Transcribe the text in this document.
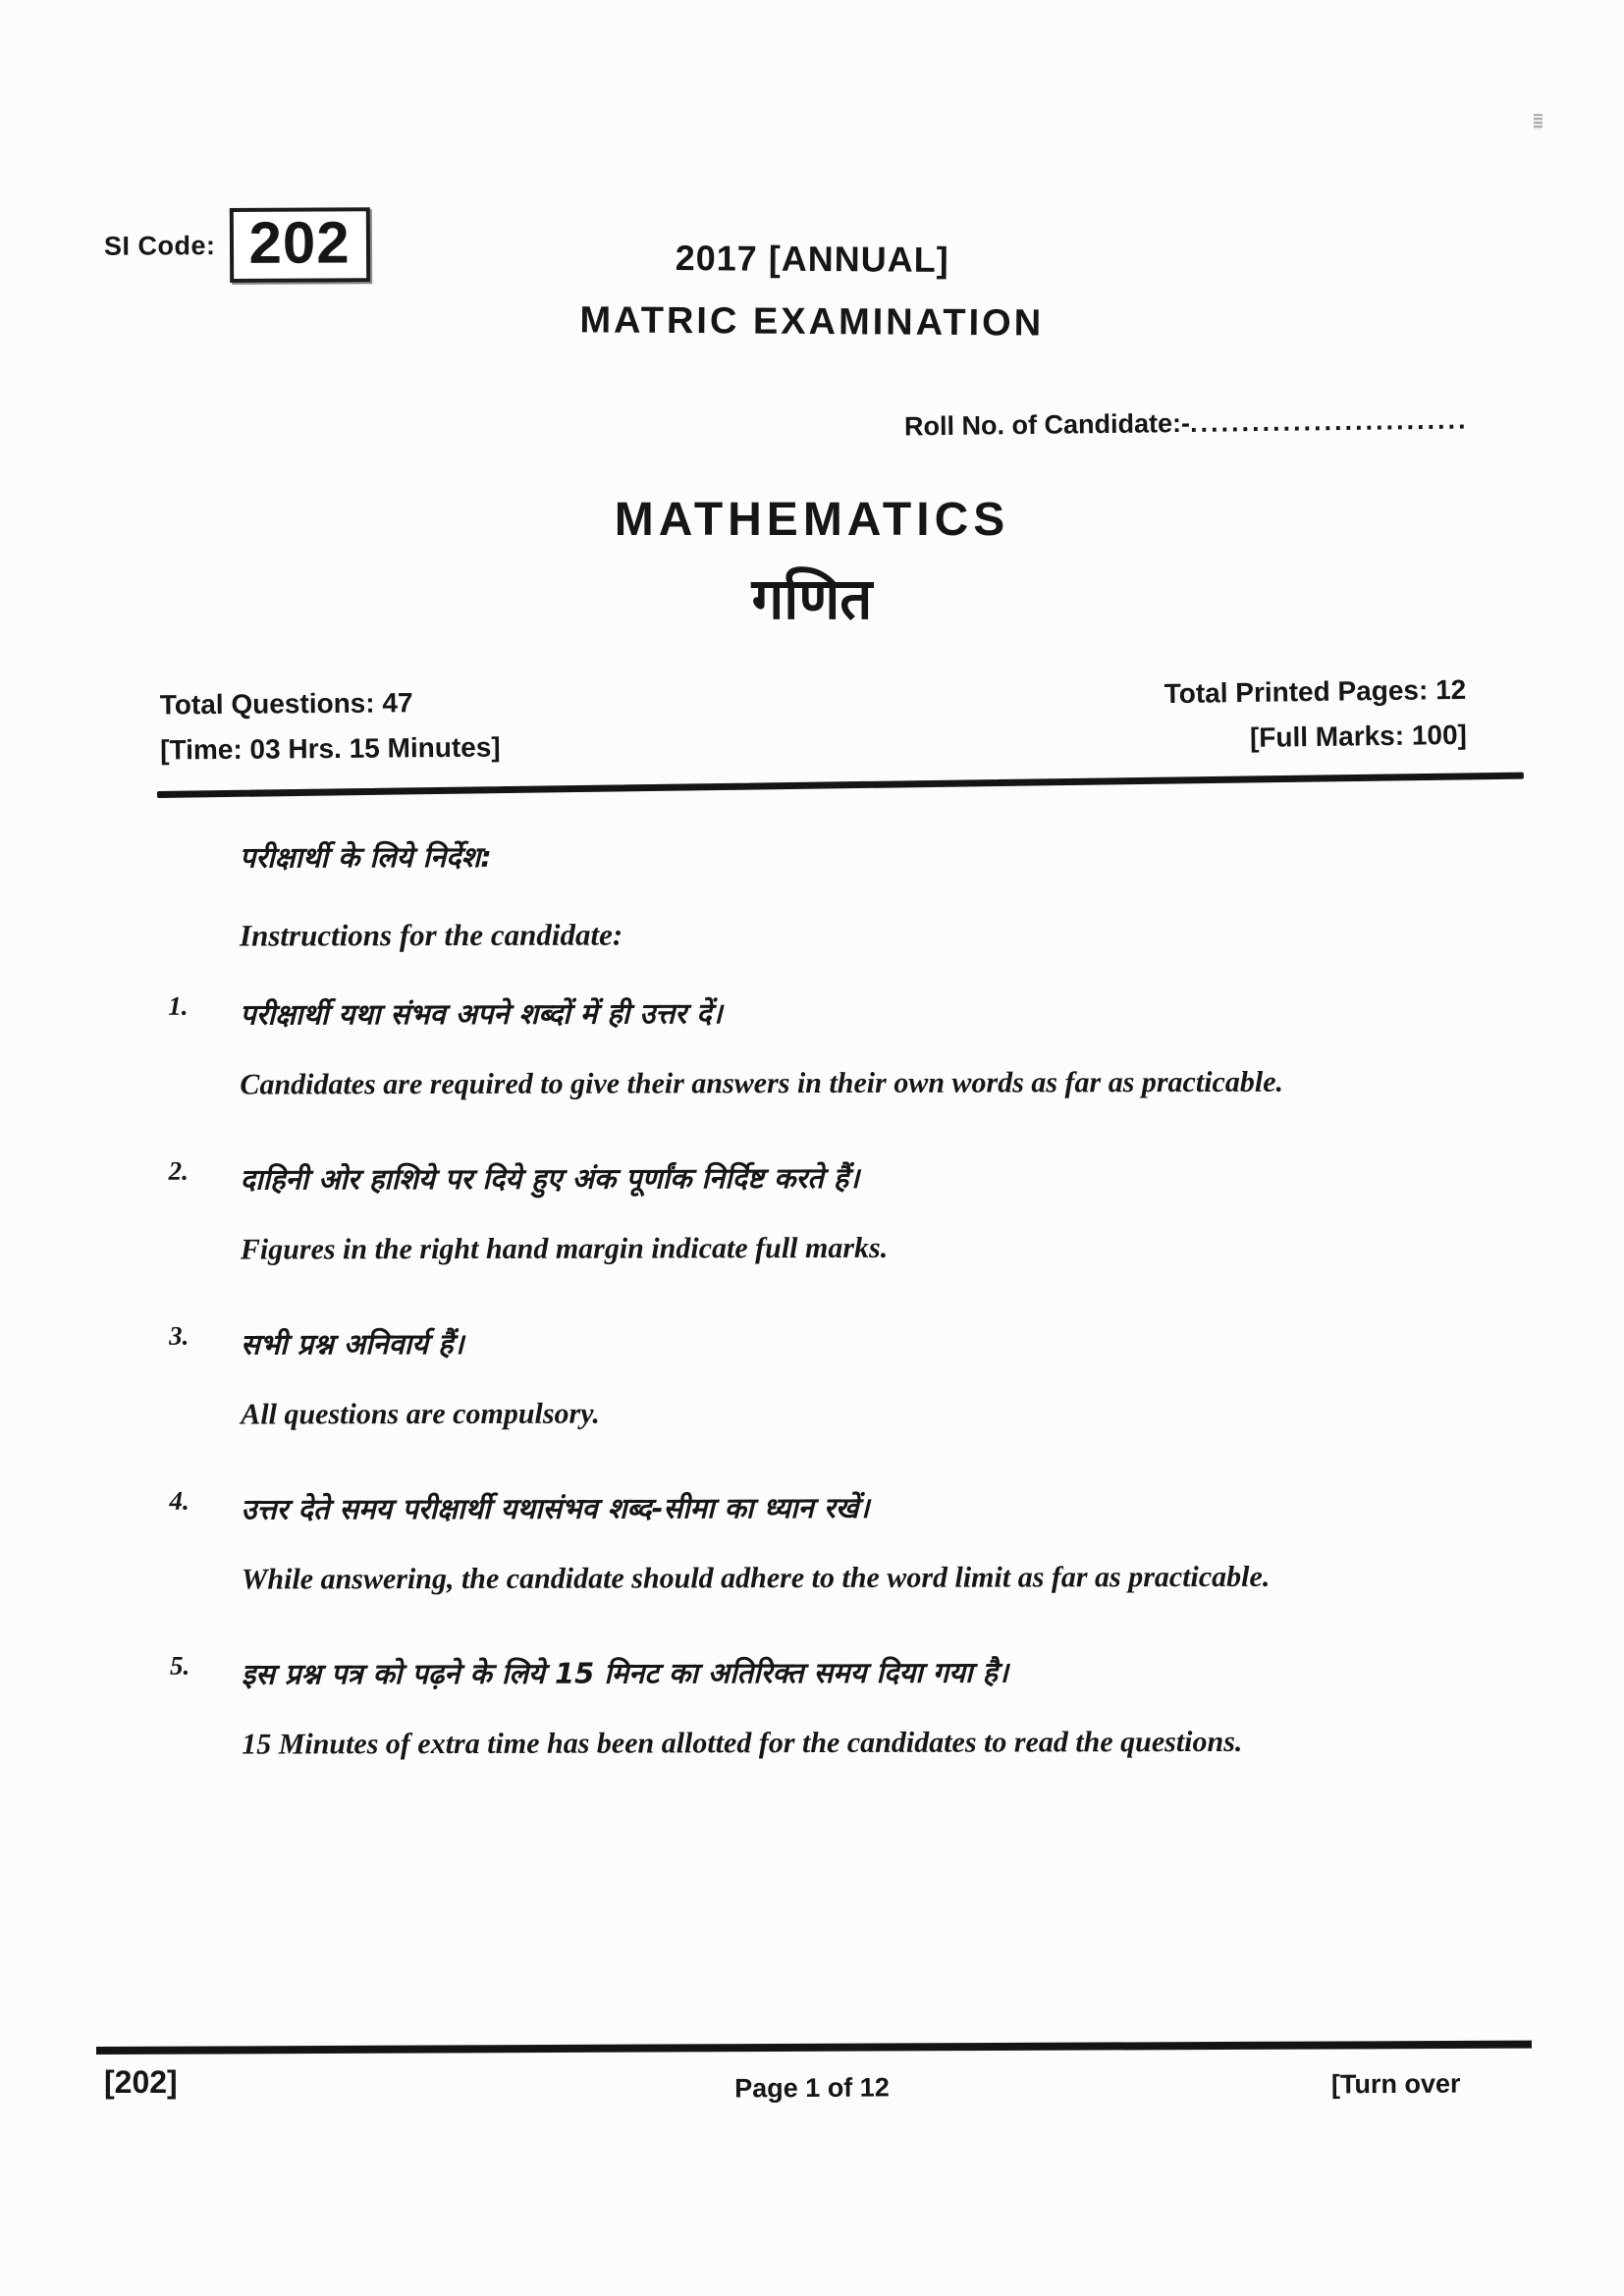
SI Code: 202	2017 [ANNUAL]
MATRIC EXAMINATION
Roll No. of Candidate:-...........................
MATHEMATICS
गणित
Total Questions: 47
[Time: 03 Hrs. 15 Minutes]
Total Printed Pages: 12
[Full Marks: 100]
परीक्षार्थी के लिये निर्देश:
Instructions for the candidate:
1. परीक्षार्थी यथा संभव अपने शब्दों में ही उत्तर दें।
Candidates are required to give their answers in their own words as far as practicable.
2. दाहिनी ओर हाशिये पर दिये हुए अंक पूर्णांक निर्दिष्ट करते हैं।
Figures in the right hand margin indicate full marks.
3. सभी प्रश्न अनिवार्य हैं।
All questions are compulsory.
4. उत्तर देते समय परीक्षार्थी यथासंभव शब्द-सीमा का ध्यान रखें।
While answering, the candidate should adhere to the word limit as far as practicable.
5. इस प्रश्न पत्र को पढ़ने के लिये 15 मिनट का अतिरिक्त समय दिया गया है।
15 Minutes of extra time has been allotted for the candidates to read the questions.
[202]	Page 1 of 12	[Turn over
